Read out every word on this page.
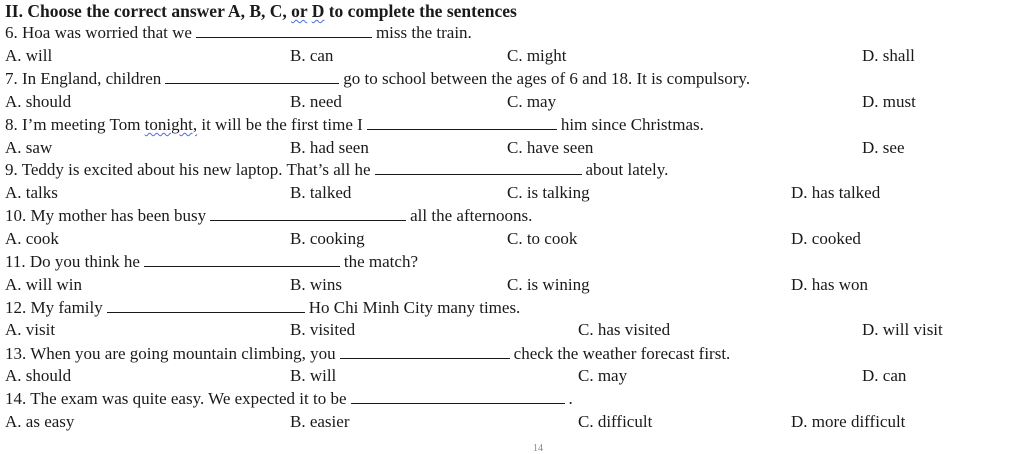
II. Choose the correct answer A, B, C, or D to complete the sentences
6. Hoa was worried that we	miss the train.
A. will	B. can	C. might	D. shall
7. In England, children	go to school between the ages of 6 and 18. It is compulsory.
A. should	B. need	C. may	D. must
8. I’m meeting Tom tonight, it will be the first time I	him since Christmas.
A. saw	B. had seen	C. have seen	D. see
9. Teddy is excited about his new laptop. That’s all he	about lately.
A. talks	B. talked	C. is talking	D. has talked
10. My mother has been busy	all the afternoons.
A. cook	B. cooking	C. to cook	D. cooked
11. Do you think he	the match?
A. will win	B. wins	C. is wining	D. has won
12. My family	Ho Chi Minh City many times.
A. visit	B. visited	C. has visited	D. will visit
13. When you are going mountain climbing, you	check the weather forecast first.
A. should	B. will	C. may	D. can
14. The exam was quite easy. We expected it to be	.
A. as easy	B. easier	C. difficult	D. more difficult
14
